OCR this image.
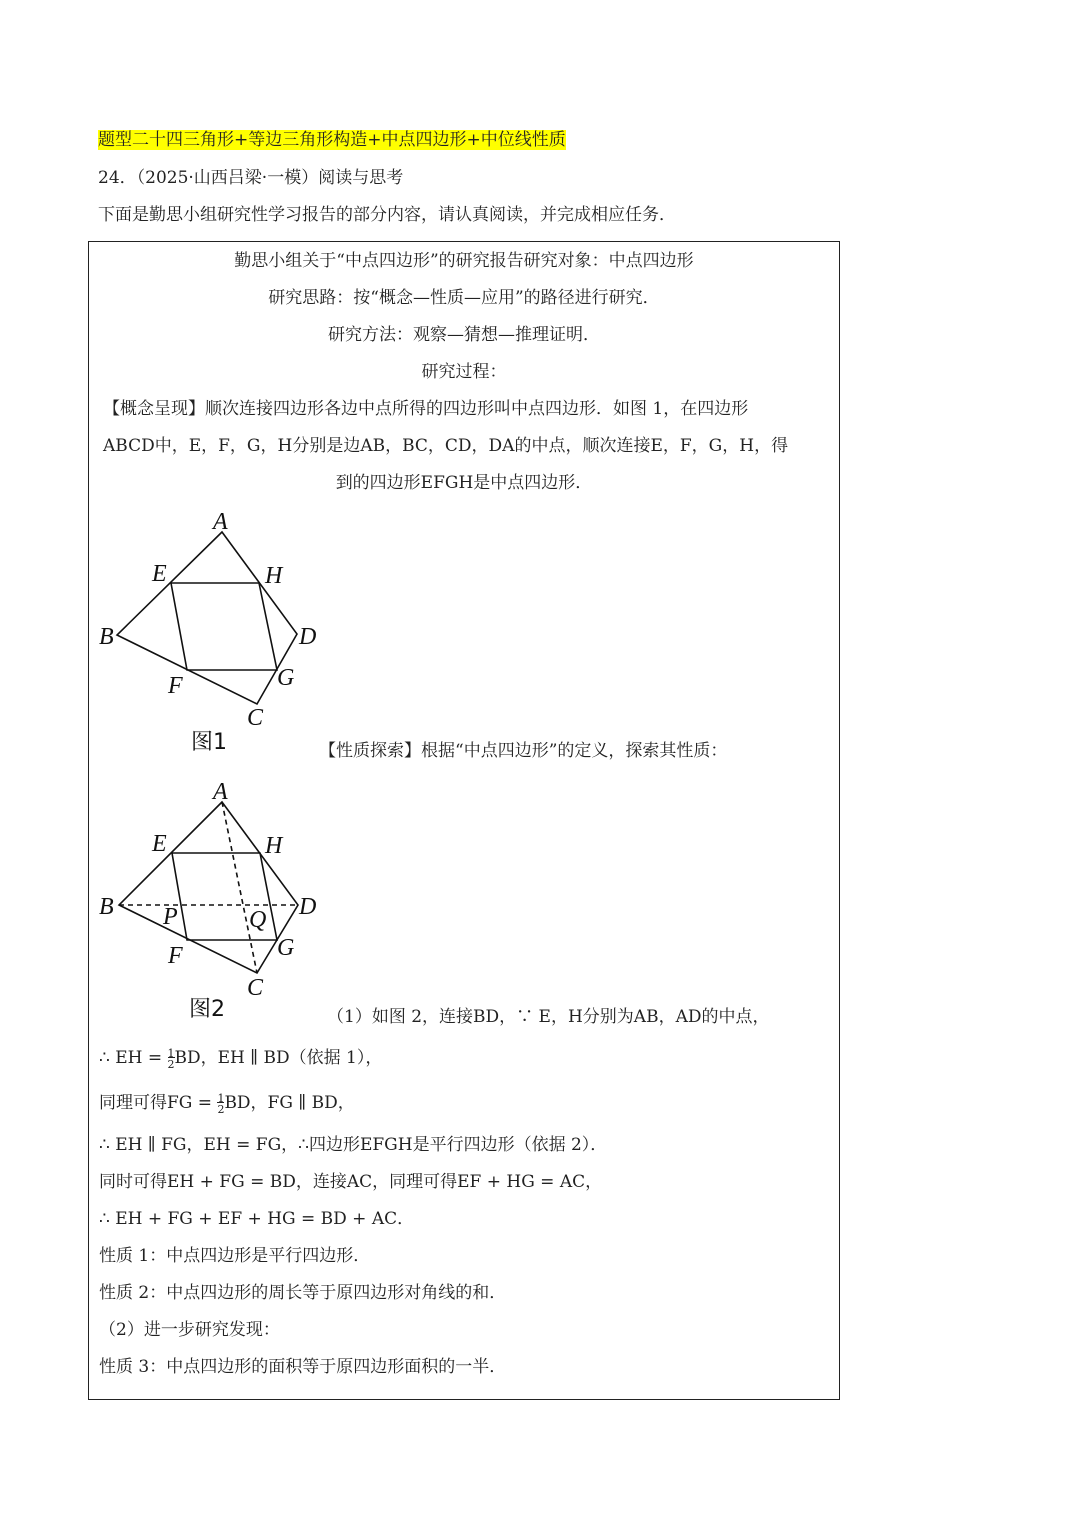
题型二十四三角形+等边三角形构造+中点四边形+中位线性质
24．（2025·山西吕梁·一模）阅读与思考
下面是勤思小组研究性学习报告的部分内容，请认真阅读，并完成相应任务．
勤思小组关于“中点四边形”的研究报告研究对象：中点四边形
研究思路：按“概念—性质—应用”的路径进行研究．
研究方法：观察—猜想—推理证明．
研究过程：
【概念呈现】顺次连接四边形各边中点所得的四边形叫中点四边形．如图 1，在四边形
ABCD中，E，F，G，H分别是边AB，BC，CD，DA的中点，顺次连接E，F，G，H，得
到的四边形EFGH是中点四边形．
A
B
C
D
E
F	G
H
图1	【性质探索】根据“中点四边形”的定义，探索其性质：
A
B
C
D
E
F	G
H
P	Q
图2	（1）如图 2，连接BD，∵ E，H分别为AB，AD的中点，
∴ EH = $\frac{1}{2}BD$，EH ∥ BD（依据 1），
同理可得FG = $\frac{1}{2}BD$，FG ∥ BD，
∴ EH ∥ FG，EH = FG，∴四边形EFGH是平行四边形（依据 2）．
同时可得EH + FG = BD，连接AC，同理可得EF + HG = AC，
∴ EH + FG + EF + HG = BD + AC．
性质 1：中点四边形是平行四边形．
性质 2：中点四边形的周长等于原四边形对角线的和．
（2）进一步研究发现：
性质 3：中点四边形的面积等于原四边形面积的一半．
